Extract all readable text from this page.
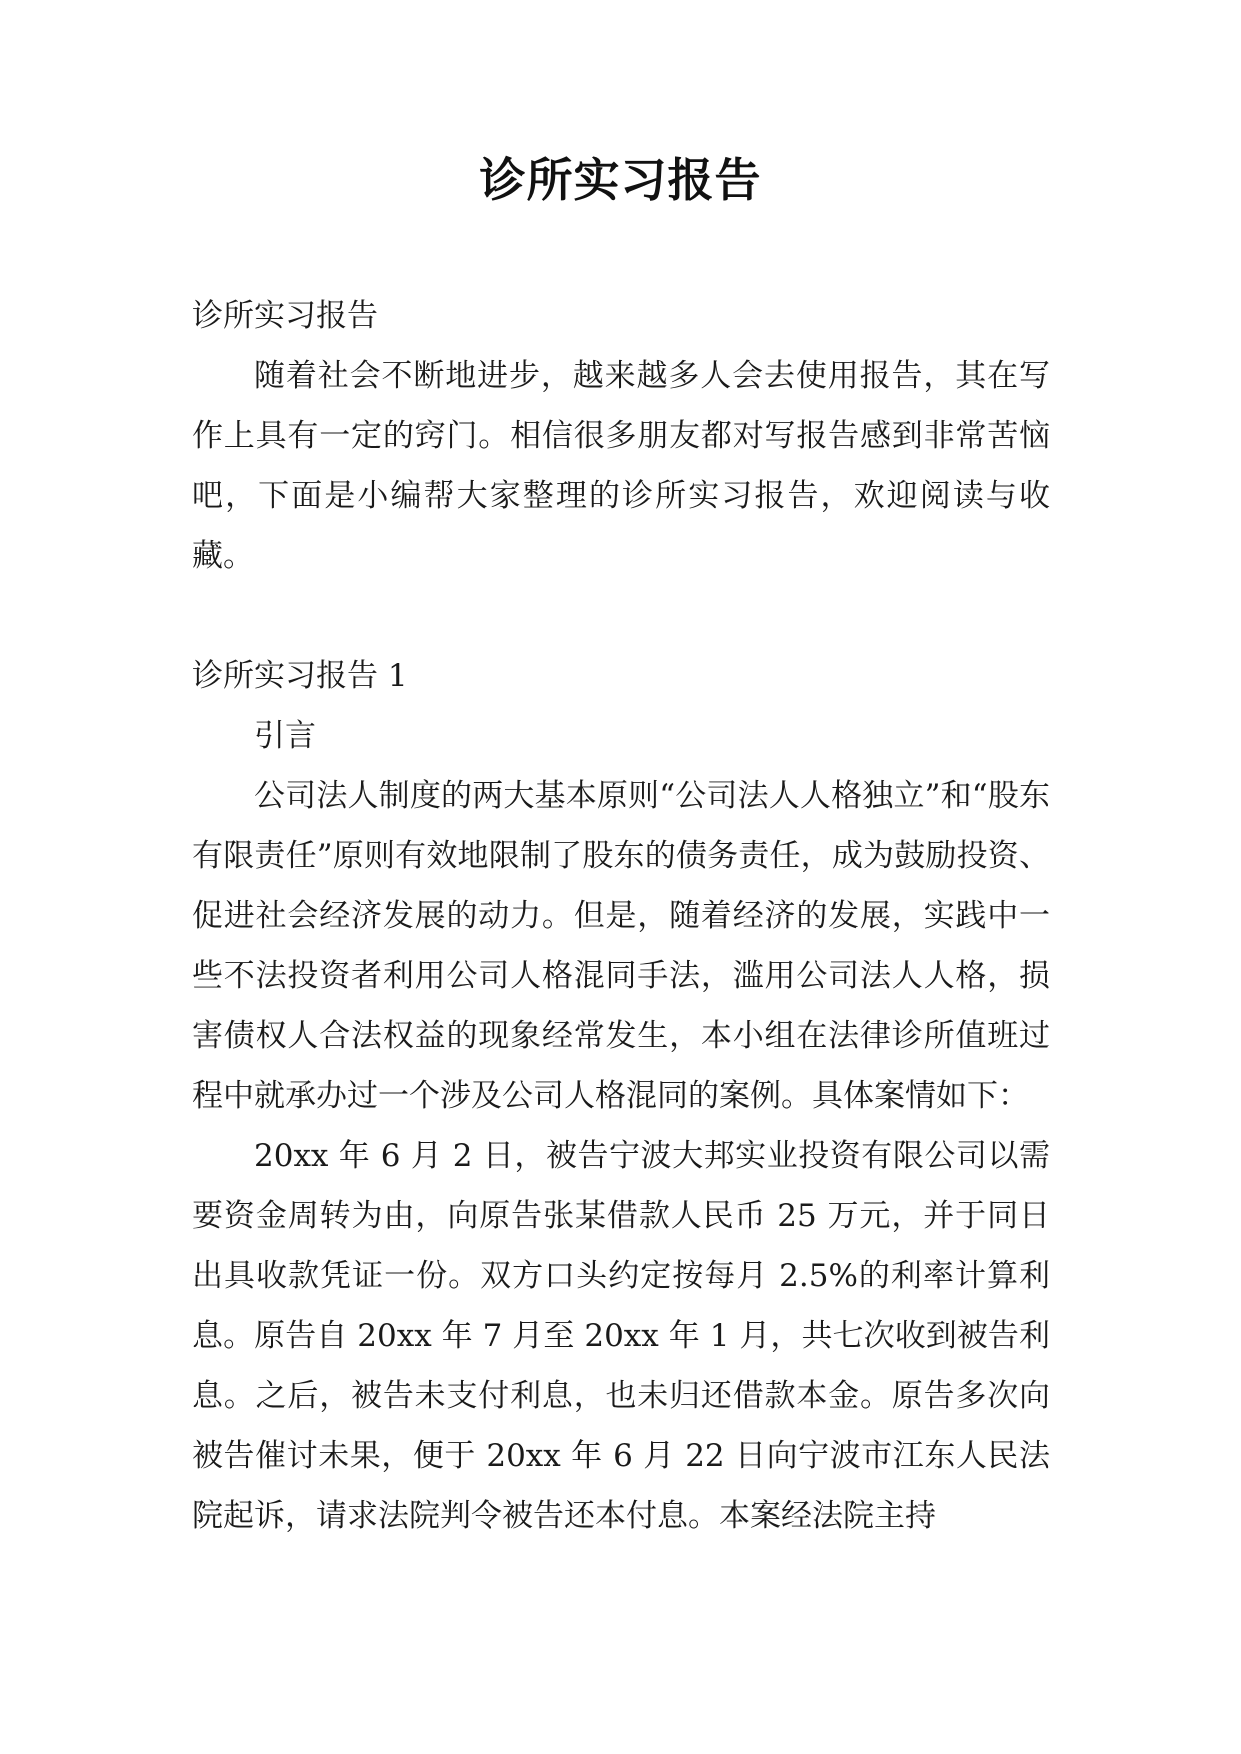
诊所实习报告

诊所实习报告

随着社会不断地进步，越来越多人会去使用报告，其在写作上具有一定的窍门。相信很多朋友都对写报告感到非常苦恼吧，下面是小编帮大家整理的诊所实习报告，欢迎阅读与收藏。

诊所实习报告 1

引言

公司法人制度的两大基本原则“公司法人人格独立”和“股东有限责任”原则有效地限制了股东的债务责任，成为鼓励投资、促进社会经济发展的动力。但是，随着经济的发展，实践中一些不法投资者利用公司人格混同手法，滥用公司法人人格，损害债权人合法权益的现象经常发生，本小组在法律诊所值班过程中就承办过一个涉及公司人格混同的案例。具体案情如下：

20xx 年 6 月 2 日，被告宁波大邦实业投资有限公司以需要资金周转为由，向原告张某借款人民币 25 万元，并于同日出具收款凭证一份。双方口头约定按每月 2.5%的利率计算利息。原告自 20xx 年 7 月至 20xx 年 1 月，共七次收到被告利息。之后，被告未支付利息，也未归还借款本金。原告多次向被告催讨未果，便于 20xx 年 6 月 22 日向宁波市江东人民法院起诉，请求法院判令被告还本付息。本案经法院主持
